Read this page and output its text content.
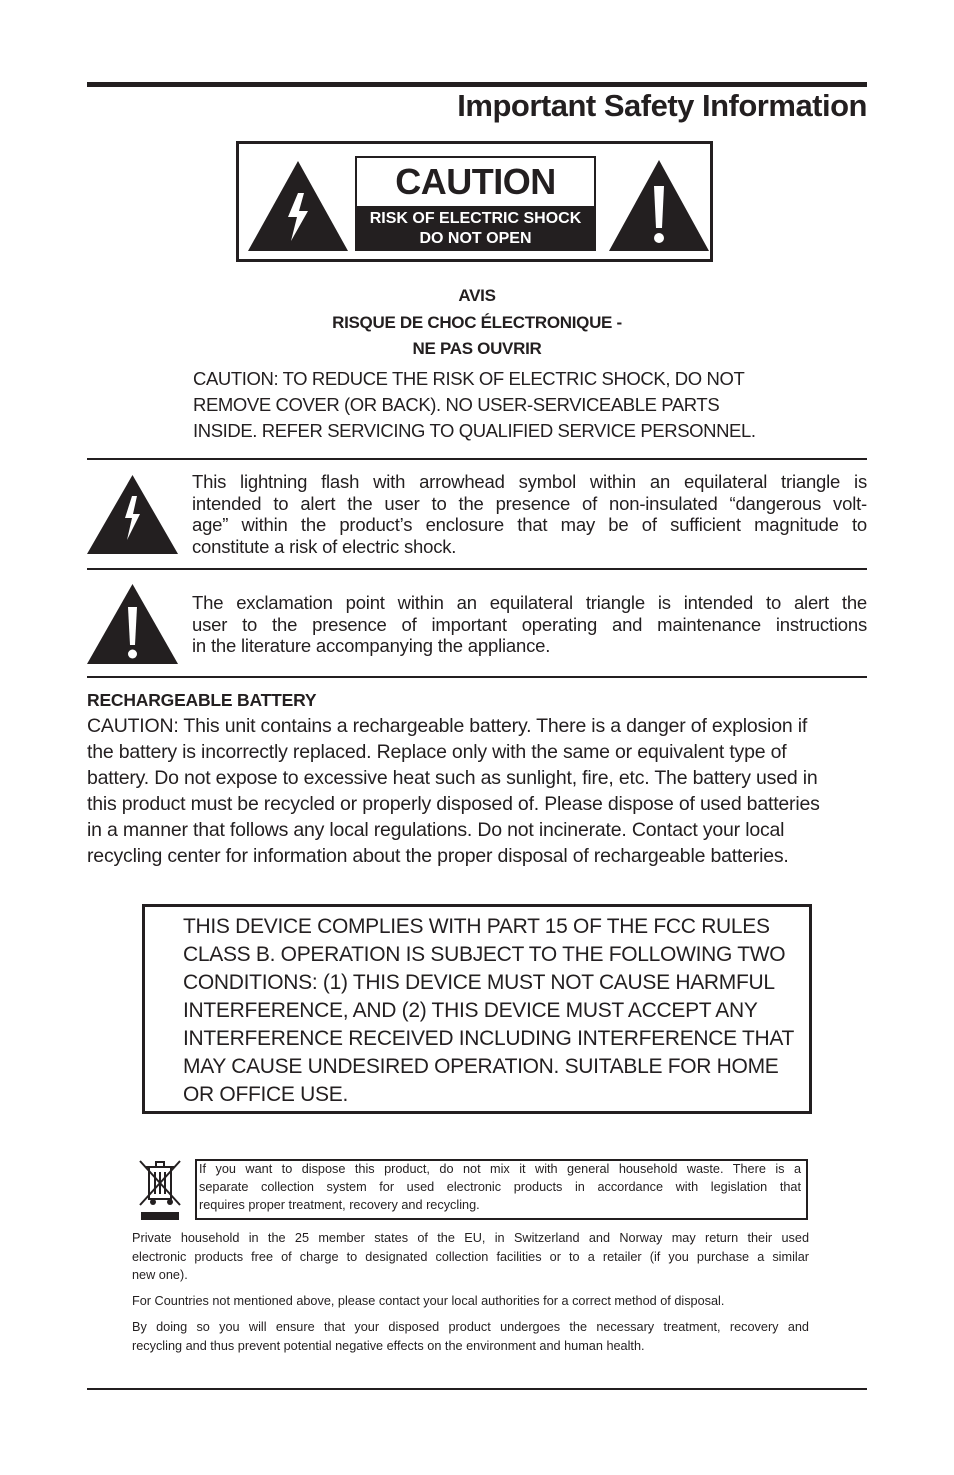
Important Safety Information
CAUTION
RISK OF ELECTRIC SHOCK
DO NOT OPEN
AVIS
RISQUE DE CHOC ÉLECTRONIQUE -
NE PAS OUVRIR
CAUTION: TO REDUCE THE RISK OF ELECTRIC SHOCK, DO NOT
REMOVE COVER (OR BACK). NO USER-SERVICEABLE PARTS
INSIDE. REFER SERVICING TO QUALIFIED SERVICE PERSONNEL.
This lightning flash with arrowhead symbol within an equilateral triangle is
intended to alert the user to the presence of non-insulated “dangerous volt-
age” within the product’s enclosure that may be of sufficient magnitude to
constitute a risk of electric shock.
The exclamation point within an equilateral triangle is intended to alert the
user to the presence of important operating and maintenance instructions
in the literature accompanying the appliance.
RECHARGEABLE BATTERY
CAUTION: This unit contains a rechargeable battery. There is a danger of explosion if
the battery is incorrectly replaced. Replace only with the same or equivalent type of
battery. Do not expose to excessive heat such as sunlight, fire, etc. The battery used in
this product must be recycled or properly disposed of. Please dispose of used batteries
in a manner that follows any local regulations. Do not incinerate. Contact your local
recycling center for information about the proper disposal of rechargeable batteries.
THIS DEVICE COMPLIES WITH PART 15 OF THE FCC RULES
CLASS B. OPERATION IS SUBJECT TO THE FOLLOWING TWO
CONDITIONS: (1) THIS DEVICE MUST NOT CAUSE HARMFUL
INTERFERENCE, AND (2) THIS DEVICE MUST ACCEPT ANY
INTERFERENCE RECEIVED INCLUDING INTERFERENCE THAT
MAY CAUSE UNDESIRED OPERATION. SUITABLE FOR HOME
OR OFFICE USE.
If you want to dispose this product, do not mix it with general household waste. There is a
separate collection system for used electronic products in accordance with legislation that
requires proper treatment, recovery and recycling.
Private household in the 25 member states of the EU, in Switzerland and Norway may return their used
electronic products free of charge to designated collection facilities or to a retailer (if you purchase a similar
new one).
For Countries not mentioned above, please contact your local authorities for a correct method of disposal.
By doing so you will ensure that your disposed product undergoes the necessary treatment, recovery and
recycling and thus prevent potential negative effects on the environment and human health.
